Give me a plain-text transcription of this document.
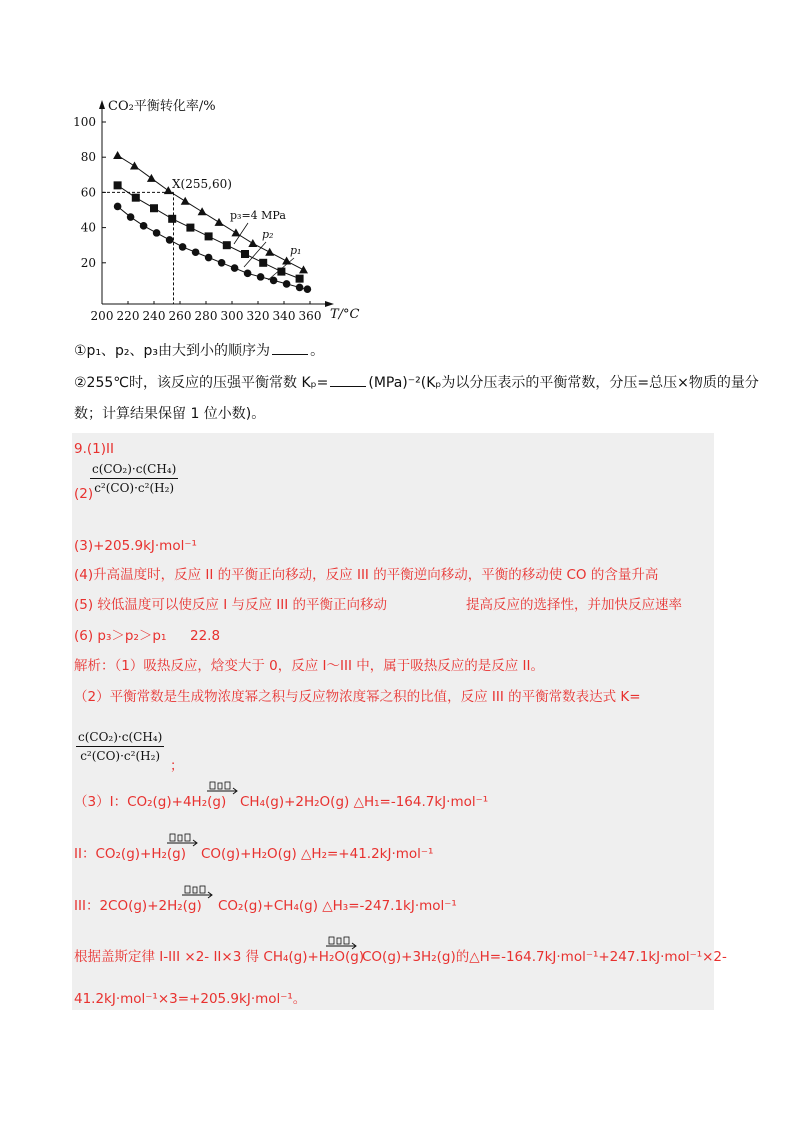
20
40
60
80
100
200 220 240 260 280 300 320 340 360
CO₂平衡转化率/%
T/°C
X(255,60)
p₃=4 MPa
p₂
p₁
①p₁、p₂、p₃由大到小的顺序为	。
②255℃时，该反应的压强平衡常数 Kₚ=	(MPa)⁻²(Kₚ为以分压表示的平衡常数，分压=总压×物质的量分
数；计算结果保留 1 位小数)。
9.(1)II
$\frac{\text{c(CO₂)·c(CH₄)}}{\text{c²(CO)·c²(H₂)}}$
(2)
(3)+205.9kJ·mol⁻¹
(4)升高温度时，反应 II 的平衡正向移动，反应 III 的平衡逆向移动，平衡的移动使 CO 的含量升高
(5) 较低温度可以使反应 I 与反应 III 的平衡正向移动	提高反应的选择性，并加快反应速率
(6) p₃＞p₂＞p₁ 22.8
解析：（1）吸热反应，焓变大于 0，反应 I～III 中，属于吸热反应的是反应 II。
（2）平衡常数是生成物浓度幂之积与反应物浓度幂之积的比值，反应 III 的平衡常数表达式 K=
$\frac{\text{c(CO₂)·c(CH₄)}}{\text{c²(CO)·c²(H₂)}}$
；
（3）I：CO₂(g)+4H₂(g) CH₄(g)+2H₂O(g) △H₁=-164.7kJ·mol⁻¹
II：CO₂(g)+H₂(g) CO(g)+H₂O(g) △H₂=+41.2kJ·mol⁻¹
III：2CO(g)+2H₂(g) CO₂(g)+CH₄(g) △H₃=-247.1kJ·mol⁻¹
根据盖斯定律 I-III ×2- II×3 得 CH₄(g)+H₂O(g)
CO(g)+3H₂(g)的△H=-164.7kJ·mol⁻¹+247.1kJ·mol⁻¹×2-
41.2kJ·mol⁻¹×3=+205.9kJ·mol⁻¹。
